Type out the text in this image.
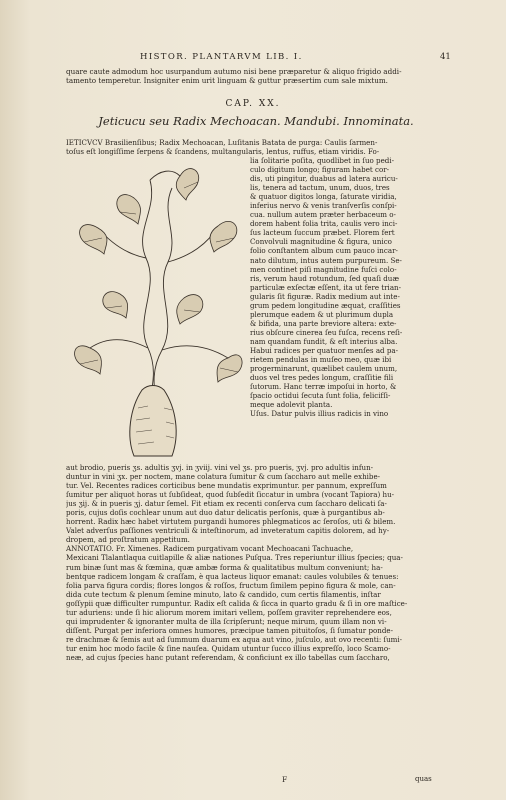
HISTOR. PLANTARVM LIB. I.	41
quare caute admodum hoc usurpandum autumo nisi bene præparetur & aliquo frigido addi-
tamento temperetur. Insigniter enim urit linguam & guttur præsertim cum sale mixtum.
CAP. XX.
Jeticucu seu Radix Mechoacan. Mandubi. Innominata.
IETICVCV Brasilienſibus; Radix Mechoacan, Luſitanis Batata de purga: Caulis ſarmen-
toſus eſt longiſſime ſerpens & ſcandens, multangularis, lentus, ruffus, etiam viridis. Fo-
lia ſolitarie poſita, quodlibet in ſuo pedi-
culo digitum longo; figuram habet cor-
dis, uti pingitur, duabus ad latera auricu-
lis, tenera ad tactum, unum, duos, tres
& quatuor digitos longa, ſaturate viridia,
inferius nervo & venis tranſverſis conſpi-
cua. nullum autem præter herbaceum o-
dorem habent folia trita, caulis vero inci-
ſus lacteum ſuccum præbet. Florem fert
Convolvuli magnitudine & figura, unico
folio conſtantem album cum pauco incar-
nato dilutum, intus autem purpureum. Se-
men continet piſi magnitudine fuſci colo-
ris, verum haud rotundum, ſed quaſi duæ
particulæ exſectæ eſſent, ita ut fere trian-
gularis ſit figuræ. Radix medium aut inte-
grum pedem longitudine æquat, craſſities
plerumque eadem & ut plurimum dupla
& bifida, una parte breviore altera: exte-
rius obſcure cinerea ſeu fuſca, recens reſi-
nam quandam fundit, & eſt interius alba.
Habui radices per quatuor menſes ad pa-
rietem pendulas in muſeo meo, quæ ibi
progerminarunt, quælibet caulem unum,
duos vel tres pedes longum, craſſitie fili
ſutorum. Hanc terræ impoſui in horto, &
ſpacio octidui ſecuta ſunt folia, felicifſi-
meque adolevit planta.
Uſus. Datur pulvis illius radicis in vino
aut brodio, pueris ʒs. adultis ʒvj. in ʒviij. vini vel ʒs. pro pueris, ʒvj. pro adultis infun-
duntur in vini ʒx. per noctem, mane colatura ſumitur & cum ſaccharo aut melle exhibe-
tur. Vel. Recentes radices corticibus bene mundatis exprimuntur. per pannum, expreſſum
ſumitur per aliquot horas ut ſubſideat, quod ſubſedit ſiccatur in umbra (vocant Tapiora) hu-
jus ʒij. & in pueris ʒj. datur ſemel. Fit etiam ex recenti conſerva cum ſaccharo delicati ſa-
poris, cujus doſis cochlear unum aut duo datur delicatis perſonis, quæ à purgantibus ab-
horrent. Radix hæc habet virtutem purgandi humores phlegmaticos ac ſeroſos, uti & bilem.
Valet adverſus paſſiones ventriculi & inteſtinorum, ad inveteratum capitis dolorem, ad hy-
dropem, ad proſtratum appetitum.
ANNOTATIO. Fr. Ximenes. Radicem purgativam vocant Mechoacani Tachuache,
Mexicani Tlalantlaqua cuitlapille & aliæ nationes Puſqua. Tres reperiuntur illius ſpecies; qua-
rum binæ ſunt mas & fœmina, quæ ambæ forma & qualitatibus multum conveniunt; ha-
bentque radicem longam & craſſam, è qua lacteus liquor emanat: caules volubiles & tenues:
folia parva figura cordis; flores longos & roſſos, fructum ſimilem pepino figura & mole, can-
dida cute tectum & plenum ſemine minuto, lato & candido, cum certis filamentis, inſtar
goſſypii quæ difficulter rumpuntur. Radix eſt calida & ſicca in quarto gradu & ſi in ore maſtice-
tur aduriens: unde ſi hic aliorum morem imitari vellem, poſſem graviter reprehendere eos,
qui imprudenter & ignoranter multa de illa ſcripſerunt; neque mirum, quum illam non vi-
diſſent. Purgat per inferiora omnes humores, præcipue tamen pituitoſos, ſi ſumatur ponde-
re drachmæ & ſemis aut ad ſummum duarum ex aqua aut vino, juſculo, aut ovo recenti: ſumi-
tur enim hoc modo facile & ſine nauſea. Quidam utuntur ſucco illius expreſſo, loco Scamo-
neæ, ad cujus ſpecies hanc putant referendam, & conficiunt ex illo tabellas cum ſaccharo,
F	quas
